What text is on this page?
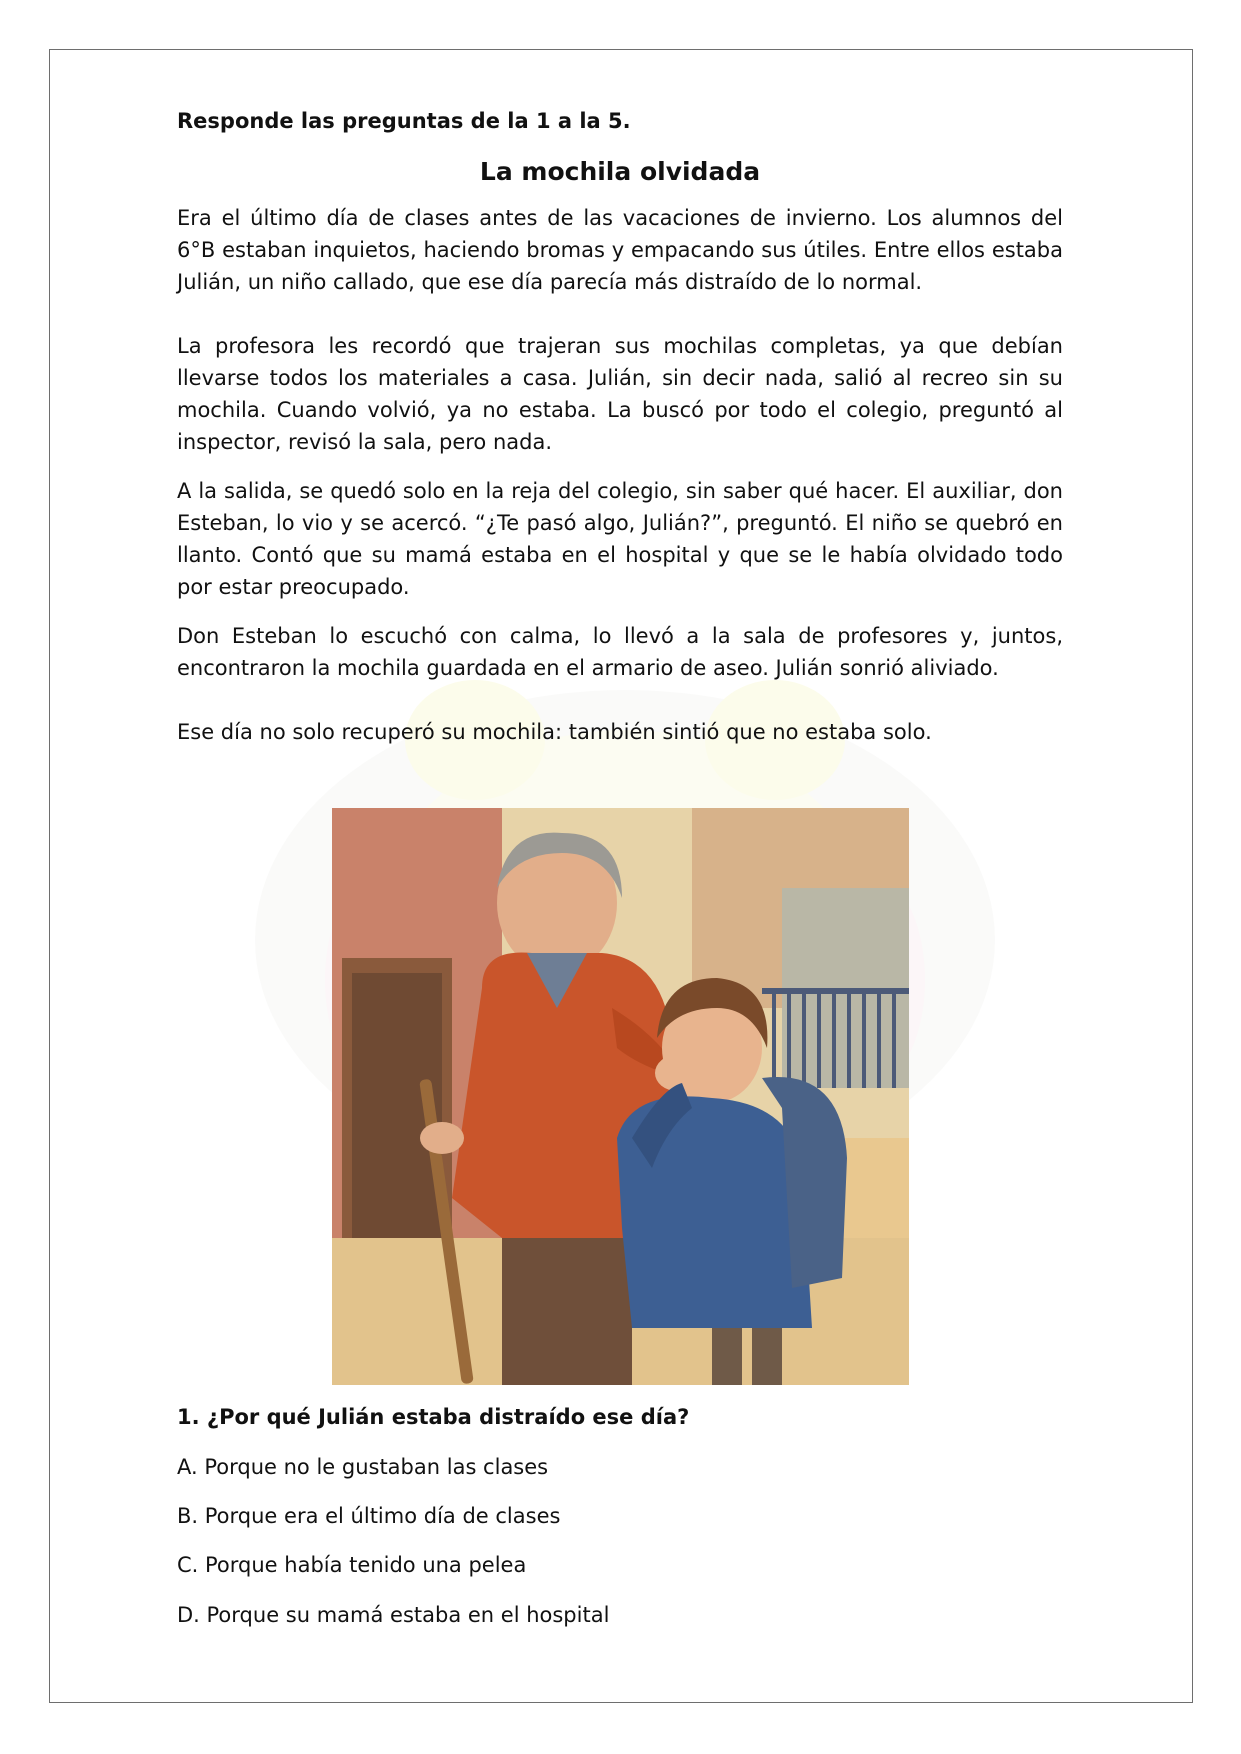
Responde las preguntas de la 1 a la 5.

La mochila olvidada

Era el último día de clases antes de las vacaciones de invierno. Los alumnos del 6°B estaban inquietos, haciendo bromas y empacando sus útiles. Entre ellos estaba Julián, un niño callado, que ese día parecía más distraído de lo normal.

La profesora les recordó que trajeran sus mochilas completas, ya que debían llevarse todos los materiales a casa. Julián, sin decir nada, salió al recreo sin su mochila. Cuando volvió, ya no estaba. La buscó por todo el colegio, preguntó al inspector, revisó la sala, pero nada.

A la salida, se quedó solo en la reja del colegio, sin saber qué hacer. El auxiliar, don Esteban, lo vio y se acercó. “¿Te pasó algo, Julián?”, preguntó. El niño se quebró en llanto. Contó que su mamá estaba en el hospital y que se le había olvidado todo por estar preocupado.

Don Esteban lo escuchó con calma, lo llevó a la sala de profesores y, juntos, encontraron la mochila guardada en el armario de aseo. Julián sonrió aliviado.

Ese día no solo recuperó su mochila: también sintió que no estaba solo.

1. ¿Por qué Julián estaba distraído ese día?

A. Porque no le gustaban las clases

B. Porque era el último día de clases

C. Porque había tenido una pelea

D. Porque su mamá estaba en el hospital
